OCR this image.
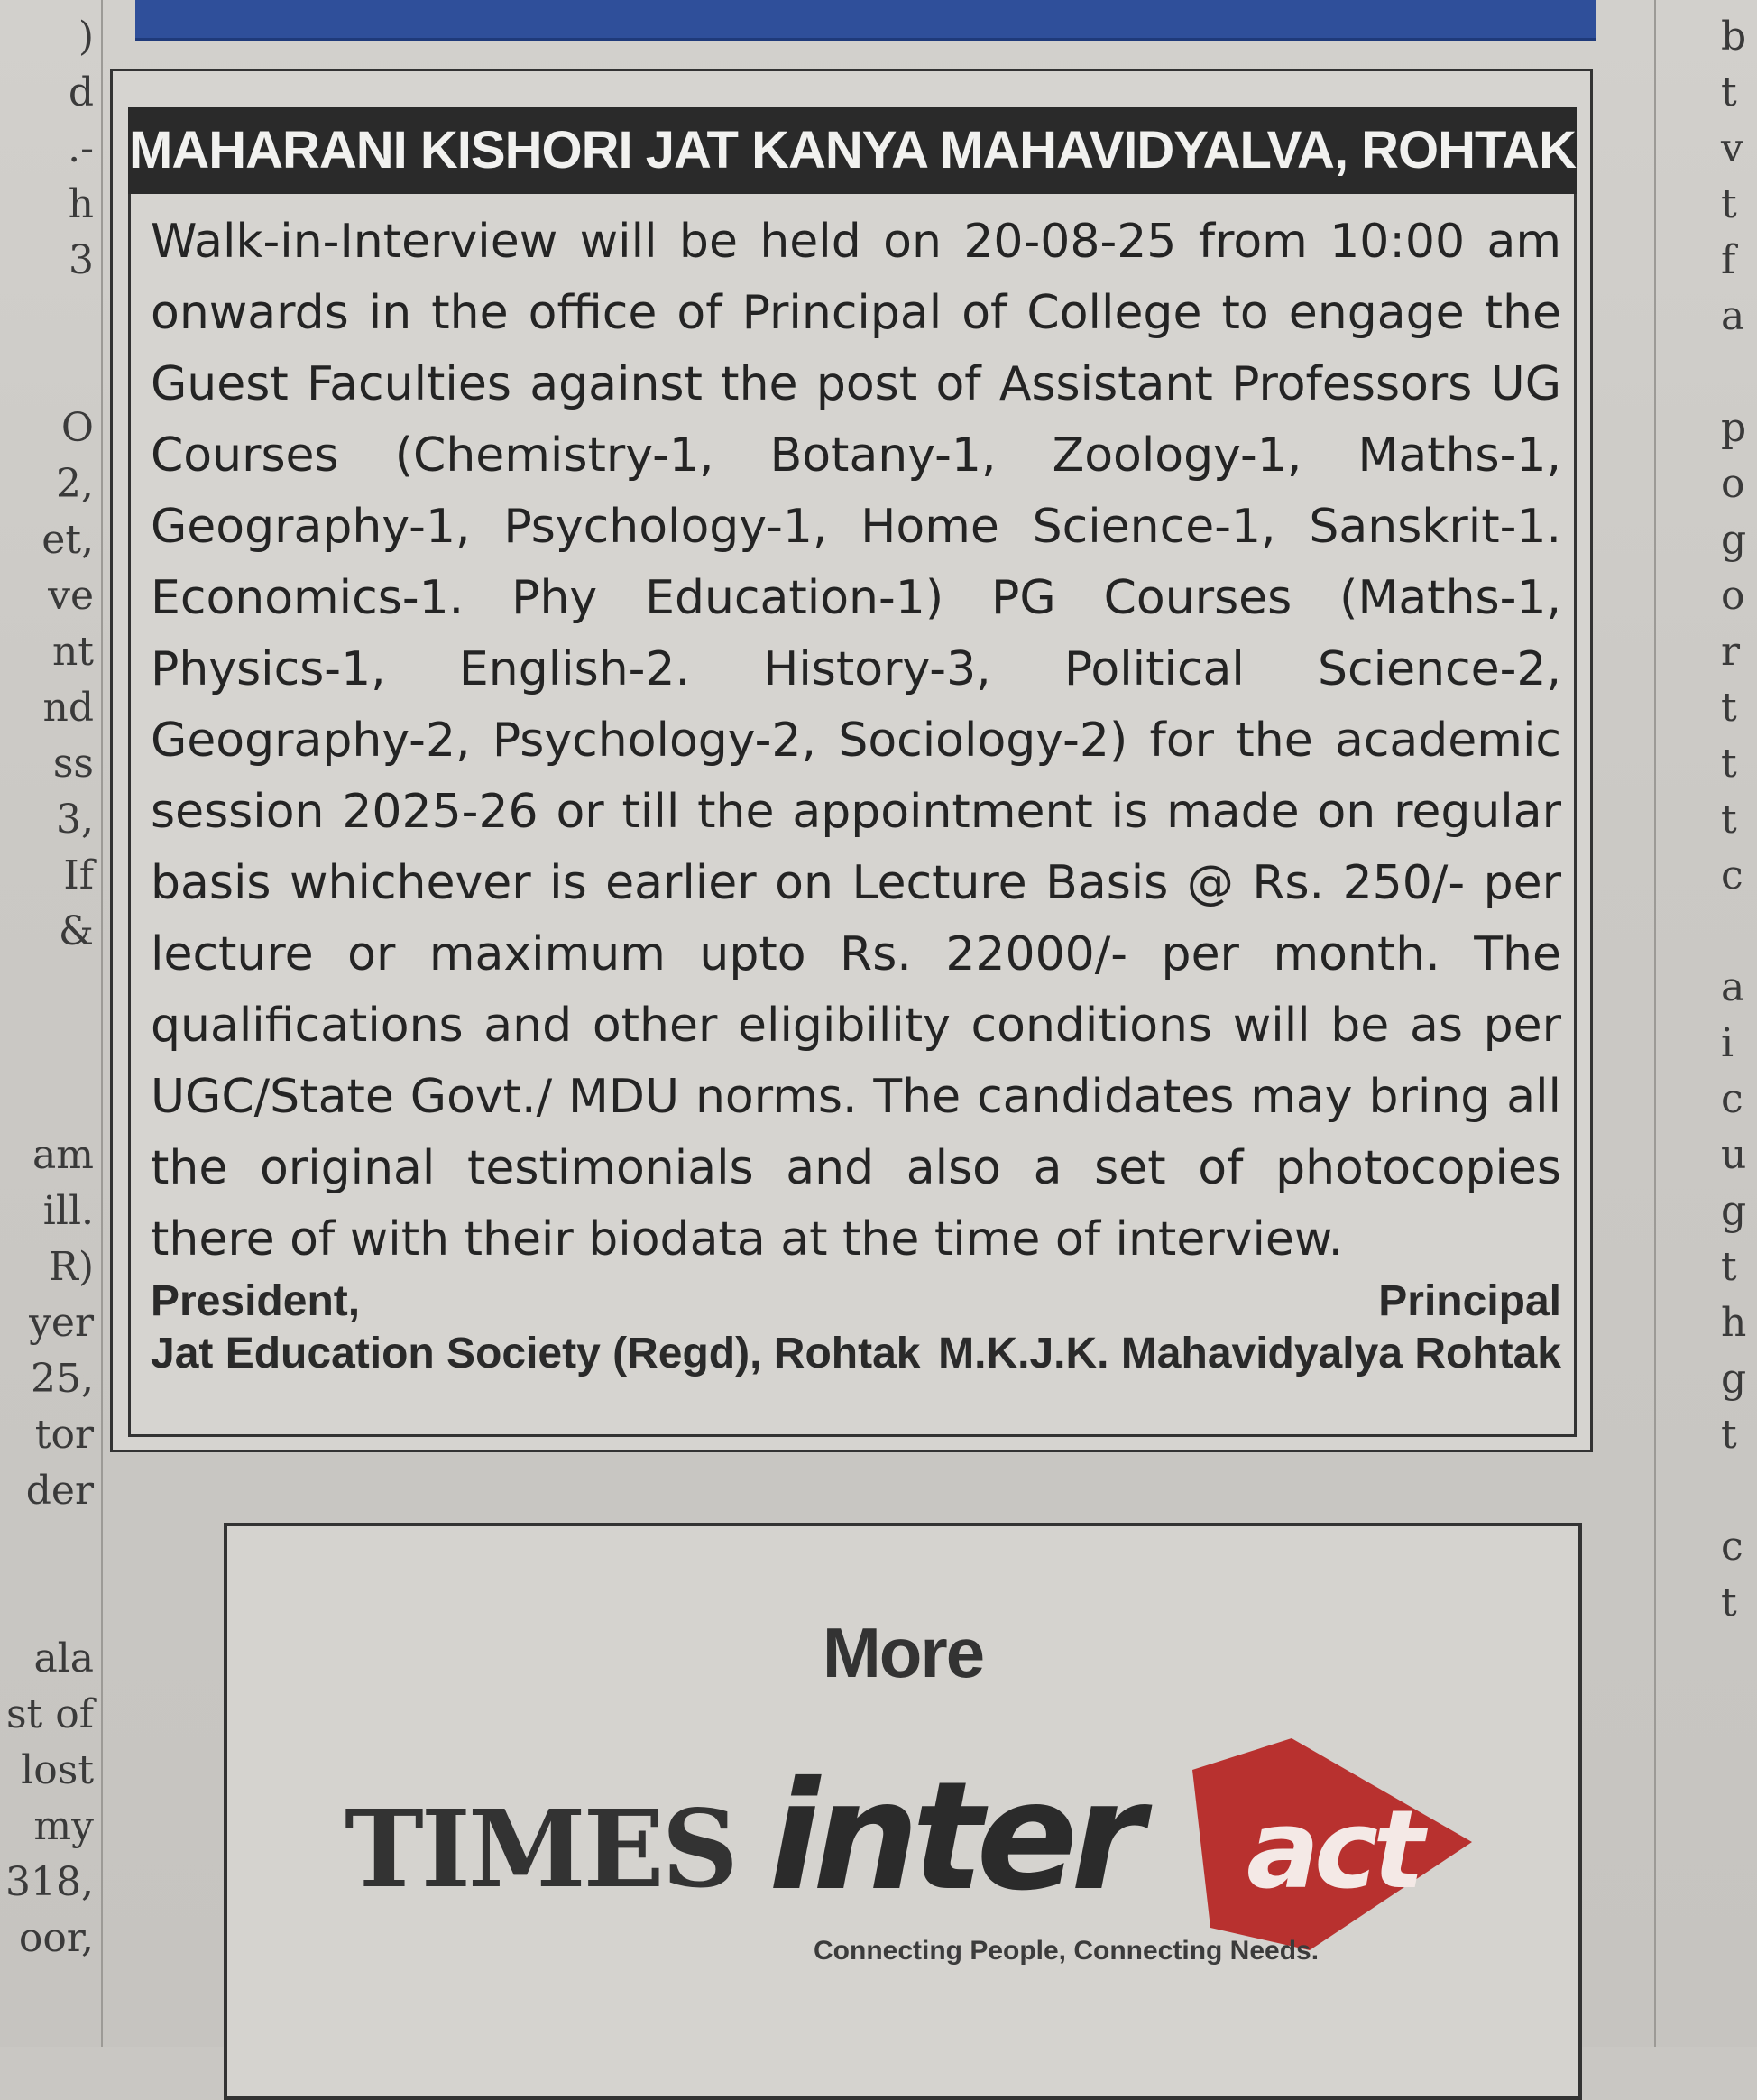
)
d
.-
h
3
O
2,
et,
ve
nt
nd
ss
3,
If
&
am
ill.
R)
yer
25,
tor
der
ala
st of
lost
my
318,
oor,
b
t
v
t
f
a
p
o
g
o
r
t
t
t
c
a
i
c
u
g
t
h
g
t
c
t
MAHARANI KISHORI JAT KANYA MAHAVIDYALVA, ROHTAK
Walk-in-Interview will be held on 20-08-25 from 10:00 am onwards in the office of Principal of College to engage the Guest Faculties against the post of Assistant Professors UG Courses (Chemistry-1, Botany-1, Zoology-1, Maths-1, Geography-1, Psychology-1, Home Science-1, Sanskrit-1. Economics-1. Phy Education-1) PG Courses (Maths-1, Physics-1, English-2. History-3, Political Science-2, Geography-2, Psychology-2, Sociology-2) for the academic session 2025-26 or till the appointment is made on regular basis whichever is earlier on Lecture Basis @ Rs. 250/- per lecture or maximum upto Rs. 22000/- per month. The qualifications and other eligibility conditions will be as per UGC/State Govt./ MDU norms. The candidates may bring all the original testimonials and also a set of photocopies there of with their biodata at the time of interview.
President,
Jat Education Society (Regd), Rohtak
Principal
M.K.J.K. Mahavidyalya Rohtak
More
TIMES inter act
Connecting People, Connecting Needs.
